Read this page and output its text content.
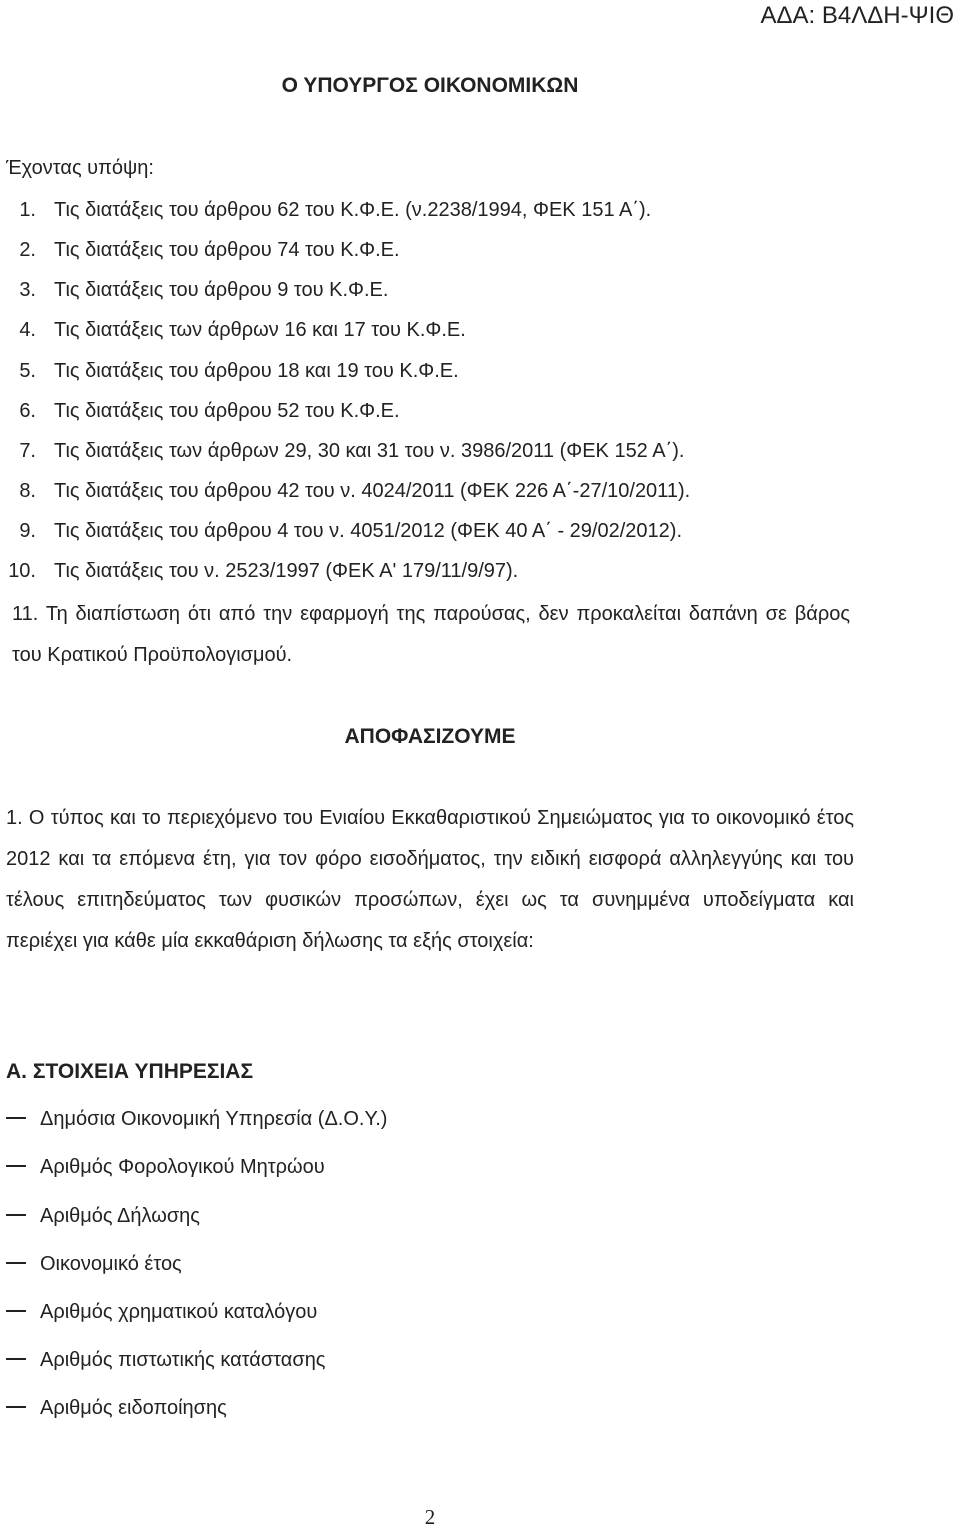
ΑΔΑ: Β4ΛΔΗ-ΨΙΘ
Ο ΥΠΟΥΡΓΟΣ ΟΙΚΟΝΟΜΙΚΩΝ
Έχοντας υπόψη:
1. Τις διατάξεις του άρθρου 62 του Κ.Φ.Ε. (ν.2238/1994, ΦΕΚ 151 Α΄).
2. Τις διατάξεις του άρθρου 74 του Κ.Φ.Ε.
3. Τις διατάξεις του άρθρου 9 του Κ.Φ.Ε.
4. Τις διατάξεις των άρθρων 16 και 17 του Κ.Φ.Ε.
5. Τις διατάξεις του άρθρου 18 και 19 του Κ.Φ.Ε.
6. Τις διατάξεις του άρθρου 52 του Κ.Φ.Ε.
7. Τις διατάξεις των άρθρων 29, 30 και 31 του ν. 3986/2011 (ΦΕΚ 152 Α΄).
8. Τις διατάξεις του άρθρου 42 του ν. 4024/2011 (ΦΕΚ 226 Α΄-27/10/2011).
9. Τις διατάξεις του άρθρου 4 του ν. 4051/2012 (ΦΕΚ 40 Α΄ - 29/02/2012).
10. Τις διατάξεις του ν. 2523/1997 (ΦΕΚ Α' 179/11/9/97).
11. Τη διαπίστωση ότι από την εφαρμογή της παρούσας, δεν προκαλείται δαπάνη σε βάρος του Κρατικού Προϋπολογισμού.
ΑΠΟΦΑΣΙΖΟΥΜΕ
1. Ο τύπος και το περιεχόμενο του Ενιαίου Εκκαθαριστικού Σημειώματος για το οικονομικό έτος 2012 και τα επόμενα έτη, για τον φόρο εισοδήματος, την ειδική εισφορά αλληλεγγύης και του τέλους επιτηδεύματος των φυσικών προσώπων, έχει ως τα συνημμένα υποδείγματα και περιέχει για κάθε μία εκκαθάριση δήλωσης τα εξής στοιχεία:
Α. ΣΤΟΙΧΕΙΑ ΥΠΗΡΕΣΙΑΣ
Δημόσια Οικονομική Υπηρεσία (Δ.Ο.Υ.)
Αριθμός Φορολογικού Μητρώου
Αριθμός Δήλωσης
Οικονομικό έτος
Αριθμός χρηματικού καταλόγου
Αριθμός πιστωτικής κατάστασης
Αριθμός ειδοποίησης
2
